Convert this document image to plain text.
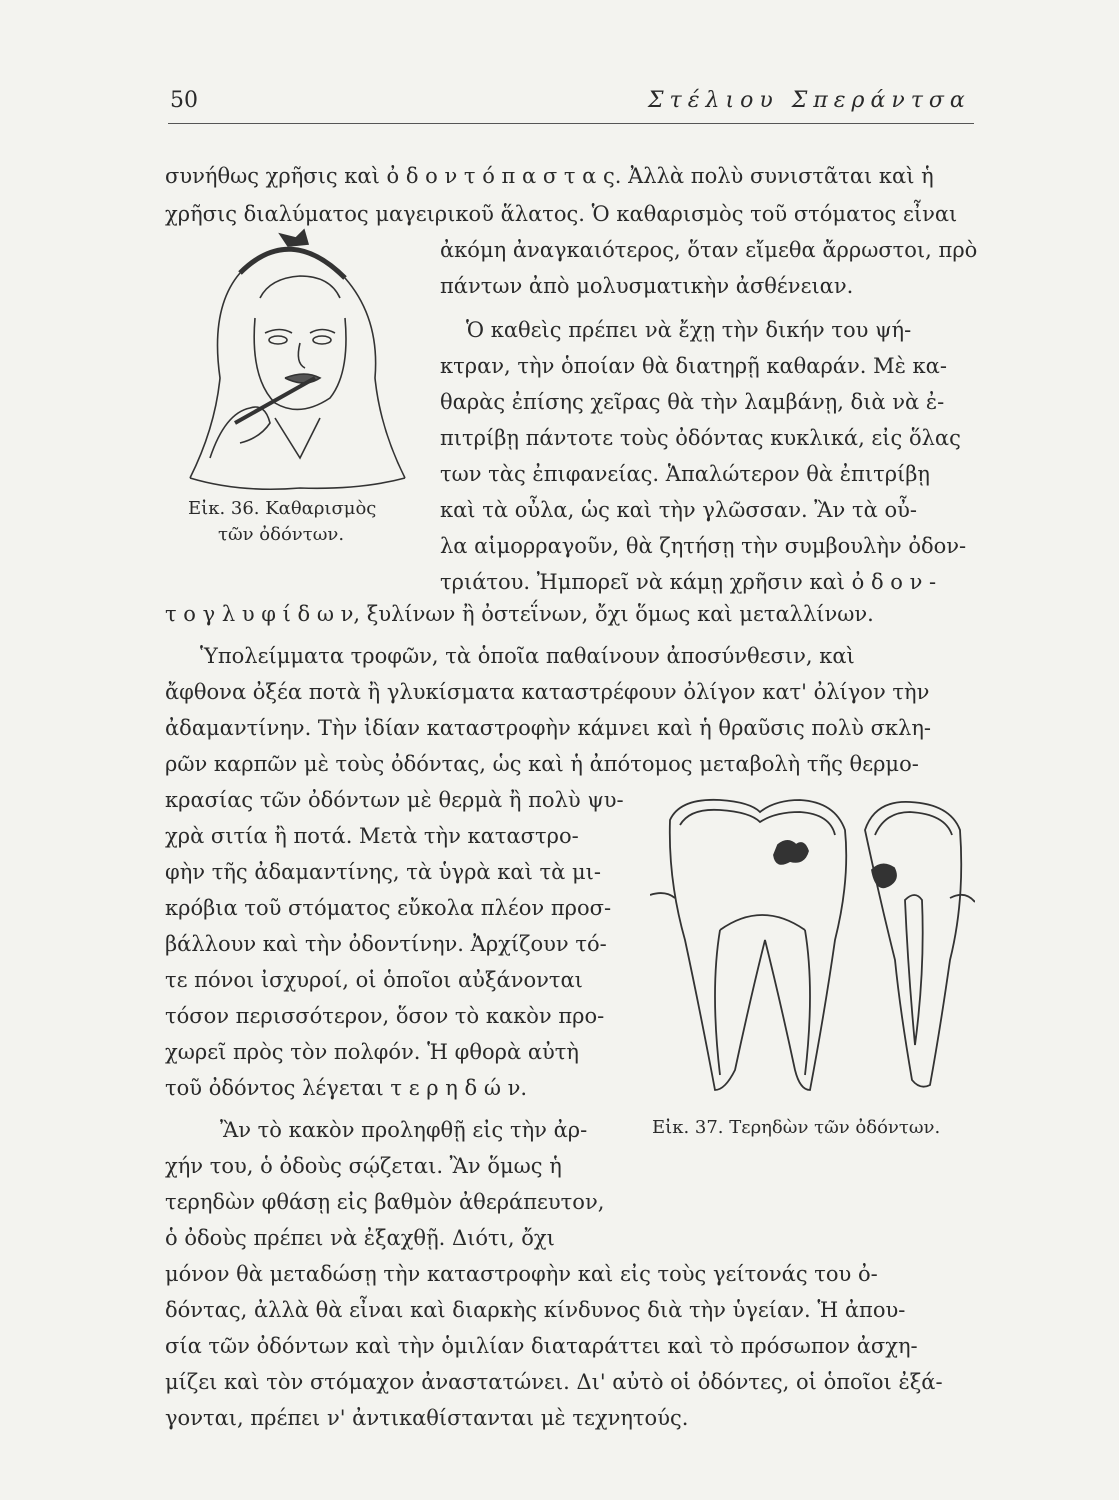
50	Στέλιου Σπεράντσα
Εἰκ. 36. Καθαρισμὸς
τῶν ὀδόντων.
Εἰκ. 37. Τερηδὼν τῶν ὀδόντων.
συνήθως χρῆσις καὶ ὀ δ ο ν τ ό π α σ τ α ς. Ἀλλὰ πολὺ συνιστᾶται καὶ ἡ
χρῆσις διαλύματος μαγειρικοῦ ἅλατος. Ὁ καθαρισμὸς τοῦ στόματος εἶναι
ἀκόμη ἀναγκαιότερος, ὅταν εἴμεθα ἄρρωστοι, πρὸ
πάντων ἀπὸ μολυσματικὴν ἀσθένειαν.
Ὁ καθεὶς πρέπει νὰ ἔχῃ τὴν δικήν του ψή-
κτραν, τὴν ὁποίαν θὰ διατηρῇ καθαράν. Μὲ κα-
θαρὰς ἐπίσης χεῖρας θὰ τὴν λαμβάνῃ, διὰ νὰ ἐ-
πιτρίβῃ πάντοτε τοὺς ὀδόντας κυκλικά, εἰς ὅλας
των τὰς ἐπιφανείας. Ἁπαλώτερον θὰ ἐπιτρίβῃ
καὶ τὰ οὖλα, ὡς καὶ τὴν γλῶσσαν. Ἂν τὰ οὖ-
λα αἱμορραγοῦν, θὰ ζητήσῃ τὴν συμβουλὴν ὀδον-
τριάτου. Ἠμπορεῖ νὰ κάμῃ χρῆσιν καὶ ὀ δ ο ν -
τ ο γ λ υ φ ί δ ω ν, ξυλίνων ἢ ὀστεΐνων, ὄχι ὅμως καὶ μεταλλίνων.
Ὑπολείμματα τροφῶν, τὰ ὁποῖα παθαίνουν ἀποσύνθεσιν, καὶ
ἄφθονα ὀξέα ποτὰ ἢ γλυκίσματα καταστρέφουν ὀλίγον κατ' ὀλίγον τὴν
ἀδαμαντίνην. Τὴν ἰδίαν καταστροφὴν κάμνει καὶ ἡ θραῦσις πολὺ σκλη-
ρῶν καρπῶν μὲ τοὺς ὀδόντας, ὡς καὶ ἡ ἀπότομος μεταβολὴ τῆς θερμο-
κρασίας τῶν ὀδόντων μὲ θερμὰ ἢ πολὺ ψυ-
χρὰ σιτία ἢ ποτά. Μετὰ τὴν καταστρο-
φὴν τῆς ἀδαμαντίνης, τὰ ὑγρὰ καὶ τὰ μι-
κρόβια τοῦ στόματος εὔκολα πλέον προσ-
βάλλουν καὶ τὴν ὀδοντίνην. Ἀρχίζουν τό-
τε πόνοι ἰσχυροί, οἱ ὁποῖοι αὐξάνονται
τόσον περισσότερον, ὅσον τὸ κακὸν προ-
χωρεῖ πρὸς τὸν πολφόν. Ἡ φθορὰ αὐτὴ
τοῦ ὀδόντος λέγεται τ ε ρ η δ ώ ν.
Ἂν τὸ κακὸν προληφθῇ εἰς τὴν ἀρ-
χήν του, ὁ ὀδοὺς σῴζεται. Ἂν ὅμως ἡ
τερηδὼν φθάσῃ εἰς βαθμὸν ἀθεράπευτον,
ὁ ὀδοὺς πρέπει νὰ ἐξαχθῇ. Διότι, ὄχι
μόνον θὰ μεταδώσῃ τὴν καταστροφὴν καὶ εἰς τοὺς γείτονάς του ὀ-
δόντας, ἀλλὰ θὰ εἶναι καὶ διαρκὴς κίνδυνος διὰ τὴν ὑγείαν. Ἡ ἀπου-
σία τῶν ὀδόντων καὶ τὴν ὁμιλίαν διαταράττει καὶ τὸ πρόσωπον ἀσχη-
μίζει καὶ τὸν στόμαχον ἀναστατώνει. Δι' αὐτὸ οἱ ὀδόντες, οἱ ὁποῖοι ἐξά-
γονται, πρέπει ν' ἀντικαθίστανται μὲ τεχνητούς.
